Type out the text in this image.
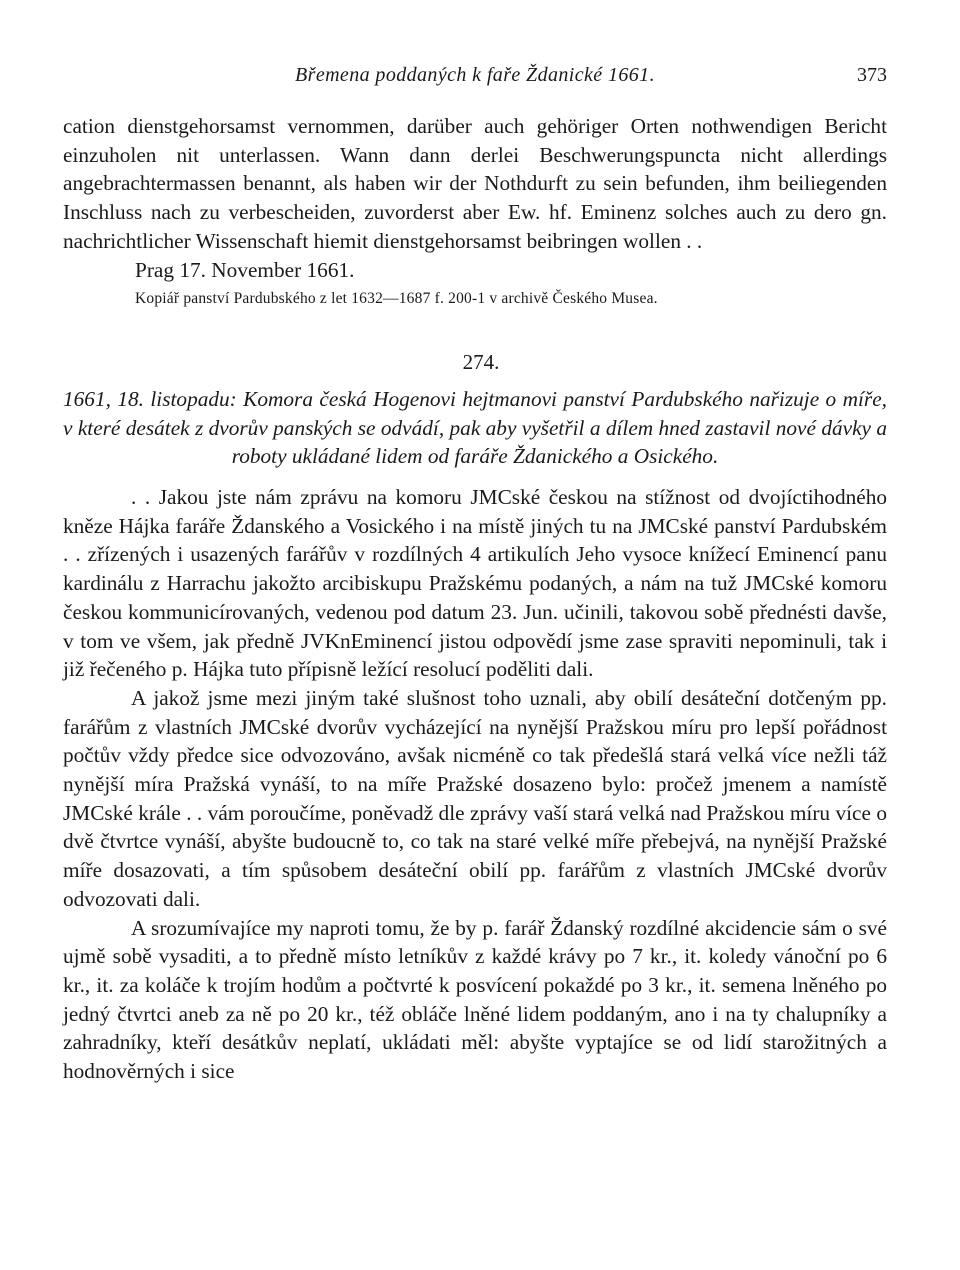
Břemena poddaných k faře Ždanické 1661.	373

cation dienstgehorsamst vernommen, darüber auch gehöriger Orten nothwendigen Bericht einzuholen nit unterlassen. Wann dann derlei Beschwerungspuncta nicht allerdings angebrachtermassen benannt, als haben wir der Nothdurft zu sein befunden, ihm beiliegenden Inschluss nach zu verbescheiden, zuvorderst aber Ew. hf. Eminenz solches auch zu dero gn. nachrichtlicher Wissenschaft hiemit dienstgehorsamst beibringen wollen . .

Prag 17. November 1661.

Kopiář panství Pardubského z let 1632—1687 f. 200-1 v archivě Českého Musea.

274.

1661, 18. listopadu: Komora česká Hogenovi hejtmanovi panství Pardubského nařizuje o míře, v které desátek z dvorův panských se odvádí, pak aby vyšetřil a dílem hned zastavil nové dávky a roboty ukládané lidem od faráře Ždanického a Osického.

. . Jakou jste nám zprávu na komoru JMCské českou na stížnost od dvojíctihodného kněze Hájka faráře Ždanského a Vosického i na místě jiných tu na JMCské panství Pardubském . . zřízených i usazených farářův v rozdílných 4 artikulích Jeho vysoce knížecí Eminencí panu kardinálu z Harrachu jakožto arcibiskupu Pražskému podaných, a nám na tuž JMCské komoru českou kommunicírovaných, vedenou pod datum 23. Jun. učinili, takovou sobě přednésti davše, v tom ve všem, jak předně JVKnEminencí jistou odpovědí jsme zase spraviti nepominuli, tak i již řečeného p. Hájka tuto přípisně ležící resolucí poděliti dali.

A jakož jsme mezi jiným také slušnost toho uznali, aby obilí desáteční dotčeným pp. farářům z vlastních JMCské dvorův vycházející na nynější Pražskou míru pro lepší pořádnost počtův vždy předce sice odvozováno, avšak nicméně co tak předešlá stará velká více nežli táž nynější míra Pražská vynáší, to na míře Pražské dosazeno bylo: pročež jmenem a namístě JMCské krále . . vám poroučíme, poněvadž dle zprávy vaší stará velká nad Pražskou míru více o dvě čtvrtce vynáší, abyšte budoucně to, co tak na staré velké míře přebejvá, na nynější Pražské míře dosazovati, a tím spůsobem desáteční obilí pp. farářům z vlastních JMCské dvorův odvozovati dali.

A srozumívajíce my naproti tomu, že by p. farář Ždanský rozdílné akcidencie sám o své ujmě sobě vysaditi, a to předně místo letníkův z každé krávy po 7 kr., it. koledy vánoční po 6 kr., it. za koláče k trojím hodům a počtvrté k posvícení pokaždé po 3 kr., it. semena lněného po jedný čtvrtci aneb za ně po 20 kr., též obláče lněné lidem poddaným, ano i na ty chalupníky a zahradníky, kteří desátkův neplatí, ukládati měl: abyšte vyptajíce se od lidí starožitných a hodnověrných i sice
